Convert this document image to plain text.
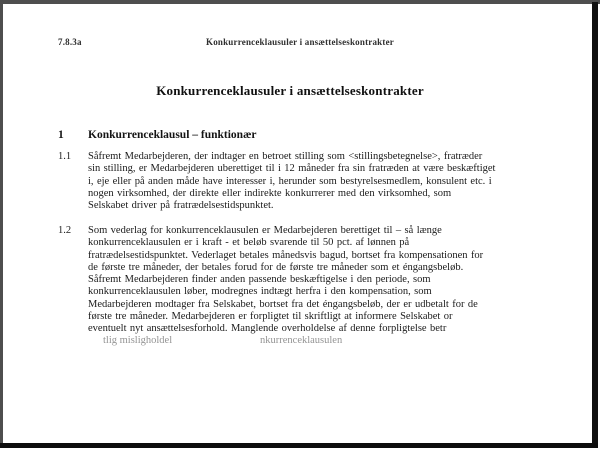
7.8.3a	Konkurrenceklausuler i ansættelseskontrakter
Konkurrenceklausuler i ansættelseskontrakter
1	Konkurrenceklausul – funktionær
1.1	Såfremt Medarbejderen, der indtager en betroet stilling som <stillingsbetegnelse>, fratræder
sin stilling, er Medarbejderen uberettiget til i 12 måneder fra sin fratræden at være beskæftiget
i, eje eller på anden måde have interesser i, herunder som bestyrelsesmedlem, konsulent etc. i
nogen virksomhed, der direkte eller indirekte konkurrerer med den virksomhed, som
Selskabet driver på fratrædelsestidspunktet.
1.2	Som vederlag for konkurrenceklausulen er Medarbejderen berettiget til – så længe
konkurrenceklausulen er i kraft - et beløb svarende til 50 pct. af lønnen på
fratrædelsestidspunktet. Vederlaget betales månedsvis bagud, bortset fra kompensationen for
de første tre måneder, der betales forud for de første tre måneder som et éngangsbeløb.
Såfremt Medarbejderen finder anden passende beskæftigelse i den periode, som
konkurrenceklausulen løber, modregnes indtægt herfra i den kompensation, som
Medarbejderen modtager fra Selskabet, bortset fra det éngangsbeløb, der er udbetalt for de
første tre måneder. Medarbejderen er forpligtet til skriftligt at informere Selskabet or
eventuelt nyt ansættelsesforhold. Manglende overholdelse af denne forpligtelse betr
tlig misligholdel	nkurrenceklausulen
